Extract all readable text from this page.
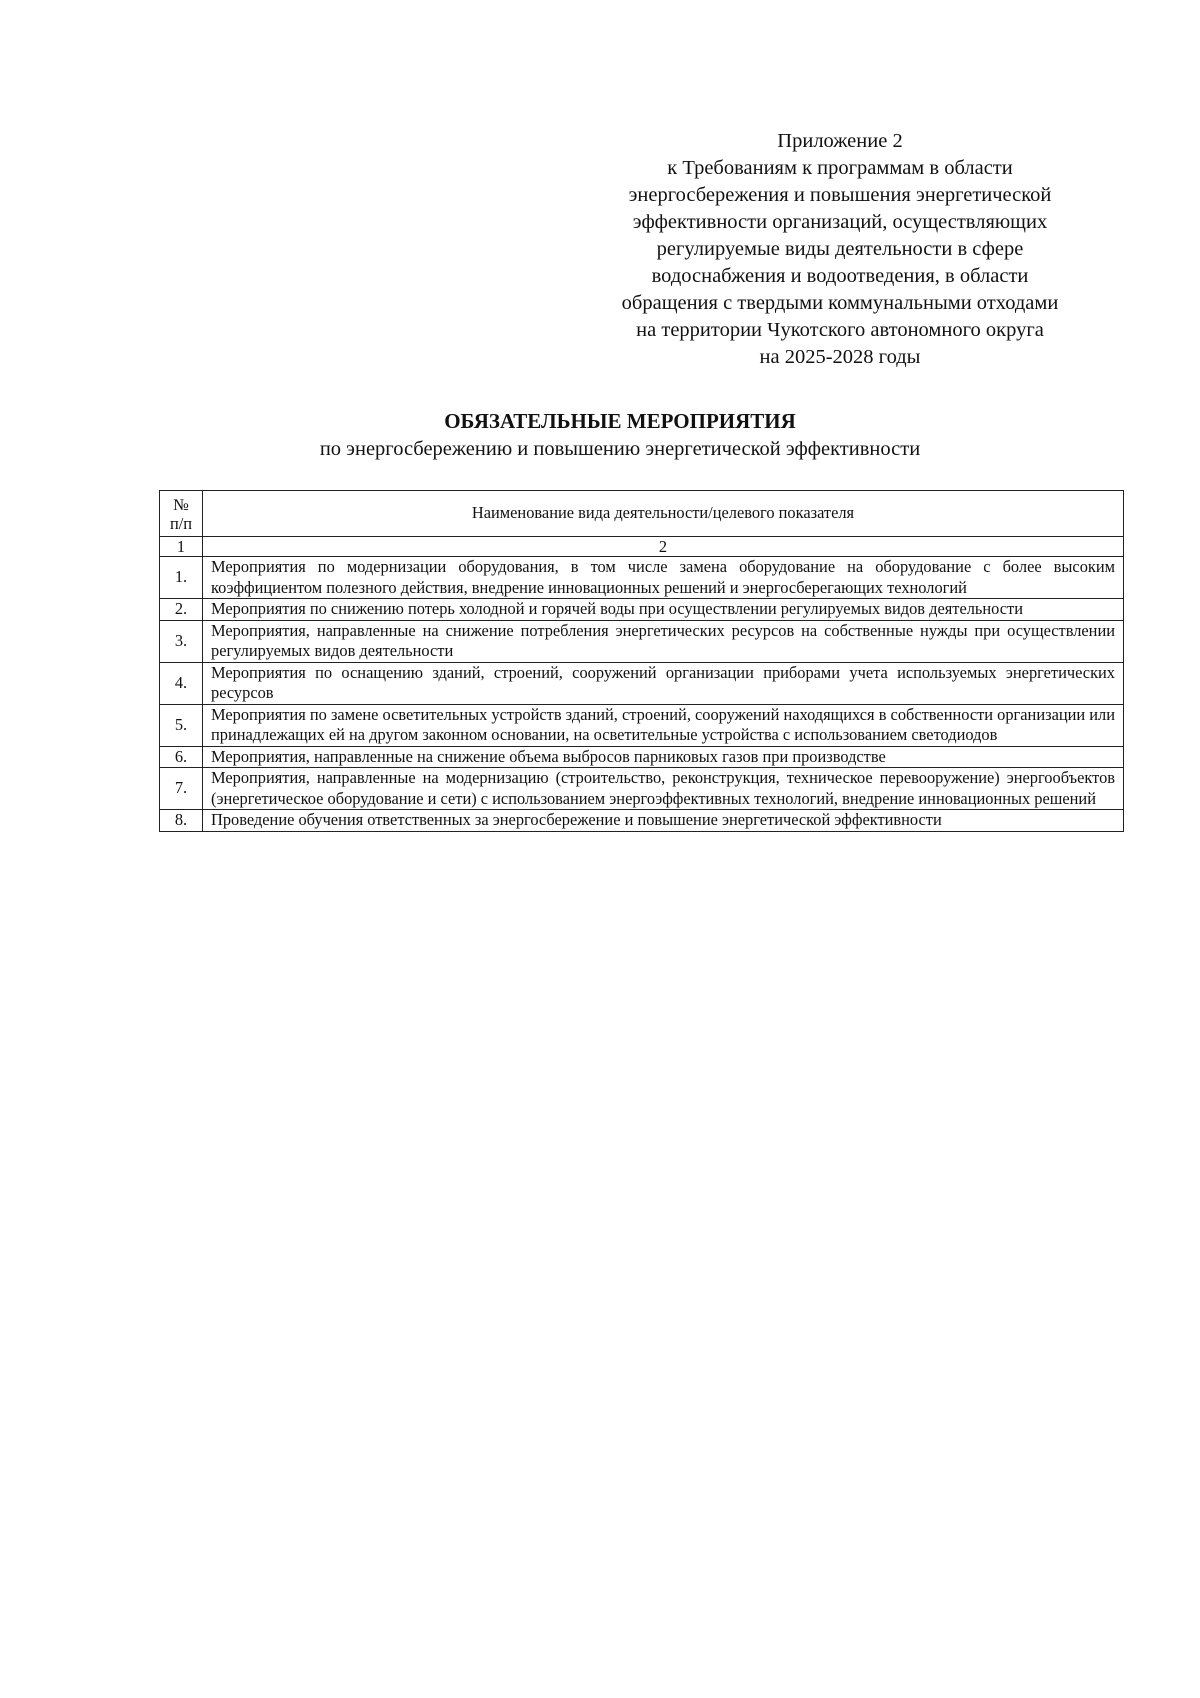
Приложение 2
к Требованиям к программам в области
энергосбережения и повышения энергетической
эффективности организаций, осуществляющих
регулируемые виды деятельности в сфере
водоснабжения и водоотведения, в области
обращения с твердыми коммунальными отходами
на территории Чукотского автономного округа
на 2025-2028 годы
ОБЯЗАТЕЛЬНЫЕ МЕРОПРИЯТИЯ
по энергосбережению и повышению энергетической эффективности
№
п/п	Наименование вида деятельности/целевого показателя
1	2
1.	Мероприятия по модернизации оборудования, в том числе замена оборудование на оборудование с более высоким коэффициентом полезного действия, внедрение инновационных решений и энергосберегающих технологий
2.	Мероприятия по снижению потерь холодной и горячей воды при осуществлении регулируемых видов деятельности
3.	Мероприятия, направленные на снижение потребления энергетических ресурсов на собственные нужды при осуществлении регулируемых видов деятельности
4.	Мероприятия по оснащению зданий, строений, сооружений организации приборами учета используемых энергетических ресурсов
5.	Мероприятия по замене осветительных устройств зданий, строений, сооружений находящихся в собственности организации или принадлежащих ей на другом законном основании, на осветительные устройства с использованием светодиодов
6.	Мероприятия, направленные на снижение объема выбросов парниковых газов при производстве
7.	Мероприятия, направленные на модернизацию (строительство, реконструкция, техническое перевооружение) энергообъектов (энергетическое оборудование и сети) с использованием энергоэффективных технологий, внедрение инновационных решений
8.	Проведение обучения ответственных за энергосбережение и повышение энергетической эффективности
